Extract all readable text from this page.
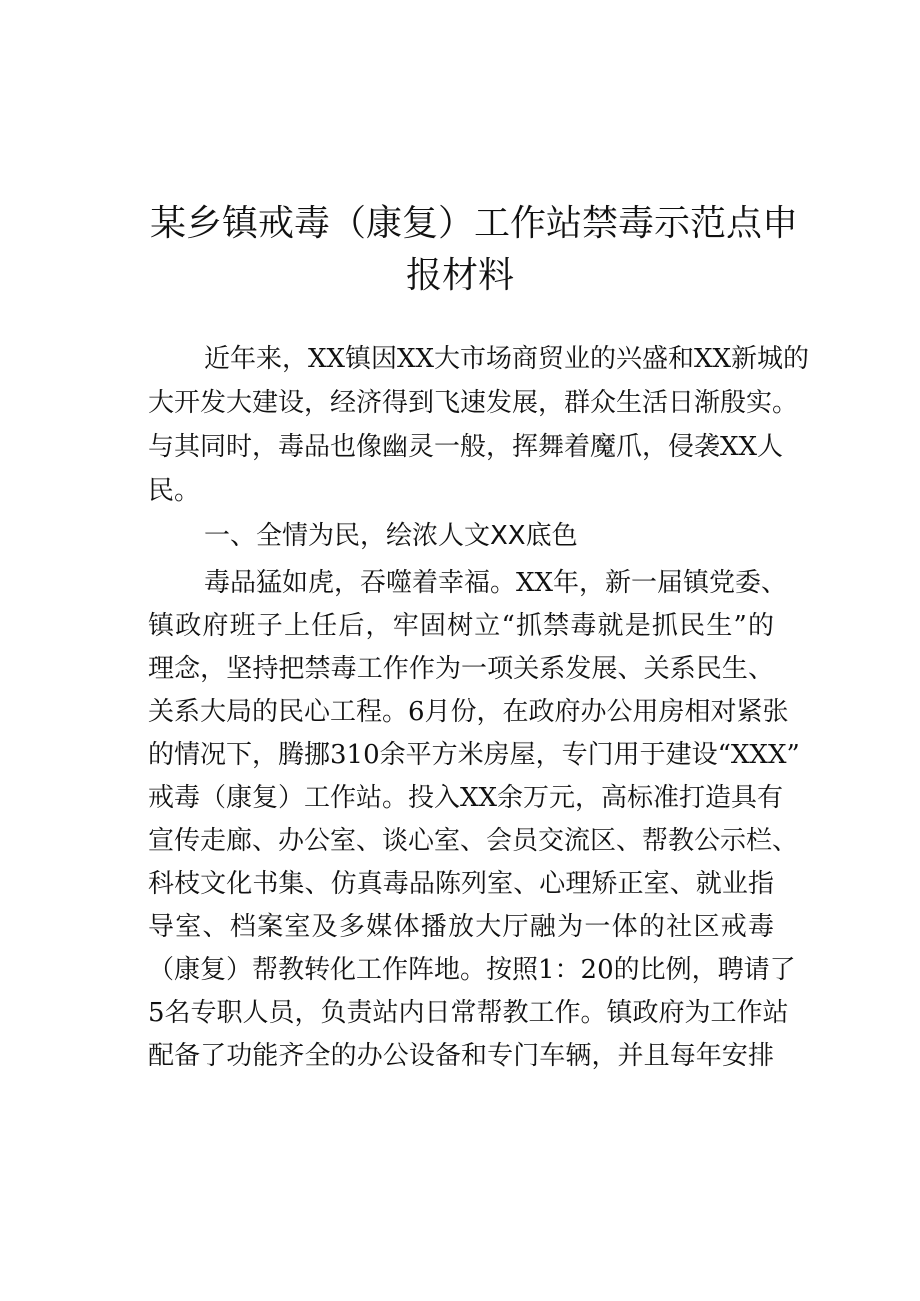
某乡镇戒毒（康复）工作站禁毒示范点申
报材料
近年来，XX镇因XX大市场商贸业的兴盛和XX新城的
大开发大建设，经济得到飞速发展，群众生活日渐殷实。
与其同时，毒品也像幽灵一般，挥舞着魔爪，侵袭XX人
民。
一、全情为民，绘浓人文XX底色
毒品猛如虎，吞噬着幸福。XX年，新一届镇党委、
镇政府班子上任后，牢固树立“抓禁毒就是抓民生”的
理念，坚持把禁毒工作作为一项关系发展、关系民生、
关系大局的民心工程。6月份，在政府办公用房相对紧张
的情况下，腾挪310余平方米房屋，专门用于建设“XXX”
戒毒（康复）工作站。投入XX余万元，高标准打造具有
宣传走廊、办公室、谈心室、会员交流区、帮教公示栏、
科枝文化书集、仿真毒品陈列室、心理矫正室、就业指
导室、档案室及多媒体播放大厅融为一体的社区戒毒
（康复）帮教转化工作阵地。按照1：20的比例，聘请了
5名专职人员，负责站内日常帮教工作。镇政府为工作站
配备了功能齐全的办公设备和专门车辆，并且每年安排
